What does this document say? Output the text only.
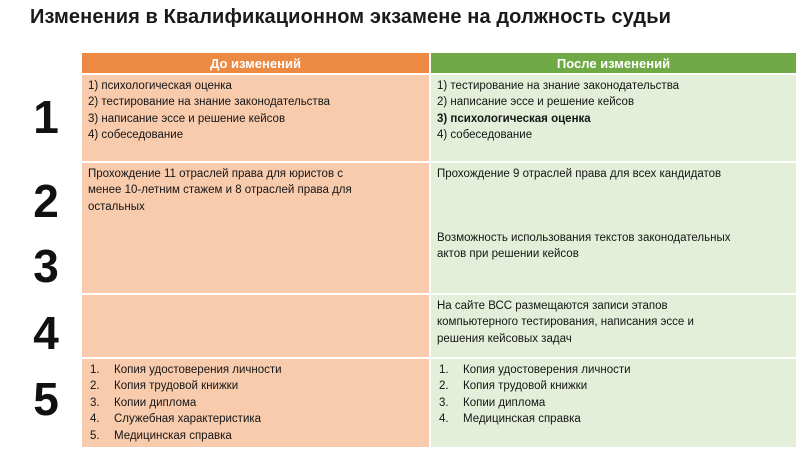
Изменения в Квалификационном экзамене на должность судьи
1
2
3
4
5
До изменений	После изменений
1) психологическая оценка
2) тестирование на знание законодательства
3) написание эссе и решение кейсов
4) собеседование
1) тестирование на знание законодательства
2) написание эссе и решение кейсов
3) психологическая оценка
4) собеседование
Прохождение 11 отраслей права для юристов с
менее 10-летним стажем и 8 отраслей права для
остальных
Прохождение 9 отраслей права для всех кандидатов
Возможность использования текстов законодательных
актов при решении кейсов
На сайте ВСС размещаются записи этапов
компьютерного тестирования, написания эссе и
решения кейсовых задач
1. Копия удостоверения личности
2. Копия трудовой книжки
3. Копии диплома
4. Служебная характеристика
5. Медицинская справка
1. Копия удостоверения личности
2. Копия трудовой книжки
3. Копии диплома
4. Медицинская справка
